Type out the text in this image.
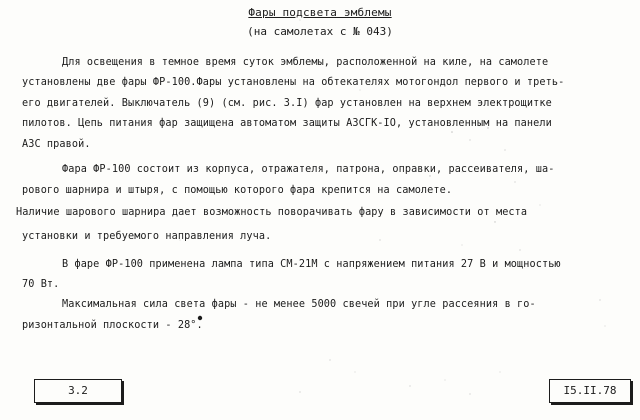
Фары подсвета эмблемы
(на самолетах с № 043)
Для освещения в темное время суток эмблемы, расположенной на киле, на самолете
установлены две фары ФР-100.Фары установлены на обтекателях мотогондол первого и треть-
его двигателей. Выключатель (9) (см. рис. 3.I) фар установлен на верхнем электрощитке
пилотов. Цепь питания фар защищена автоматом защиты АЗСГК-IO, установленным на панели
АЗС правой.
Фара ФР-100 состоит из корпуса, отражателя, патрона, оправки, рассеивателя, ша-
рового шарнира и штыря, с помощью которого фара крепится на самолете.
Наличие шарового шарнира дает возможность поворачивать фару в зависимости от места
установки и требуемого направления луча.
В фаре ФР-100 применена лампа типа СМ-21М с напряжением питания 27 В и мощностью
70 Вт.
Максимальная сила света фары - не менее 5000 свечей при угле рассеяния в го-
ризонтальной плоскости - 28°.
3.2	I5.II.78
